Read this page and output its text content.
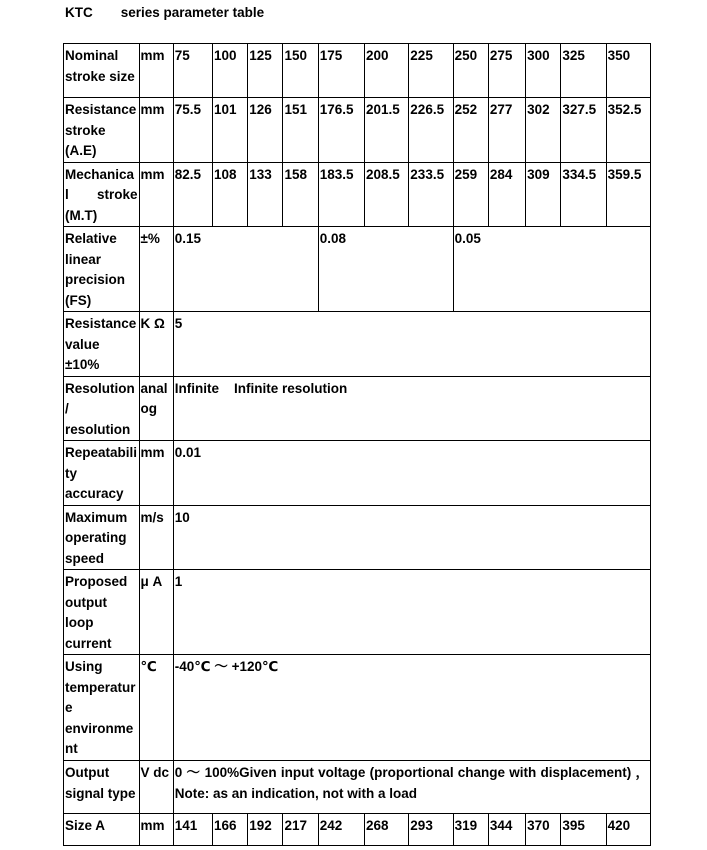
KTC series parameter table
Nominal stroke size	mm	75	100	125	150	175	200	225	250	275	300	325	350
Resistance stroke (A.E)	mm	75.5	101	126	151	176.5	201.5	226.5	252	277	302	327.5	352.5
Mechanical stroke (M.T)	mm	82.5	108	133	158	183.5	208.5	233.5	259	284	309	334.5	359.5
Relative linear precision (FS)	±%	0.15				0.08			0.05				
Resistance value ±10%	K Ω	5											
Resolution / resolution	analog	Infinite    Infinite resolution											
Repeatability accuracy	mm	0.01											
Maximum operating speed	m/s	10											
Proposed output loop current	μ A	1											
Using temperature environment	℃	-40℃ ～ +120℃											
Output signal type	V dc	0 ～ 100%Given input voltage (proportional change with displacement) ， Note: as an indication, not with a load											
Size A	mm	141	166	192	217	242	268	293	319	344	370	395	420
